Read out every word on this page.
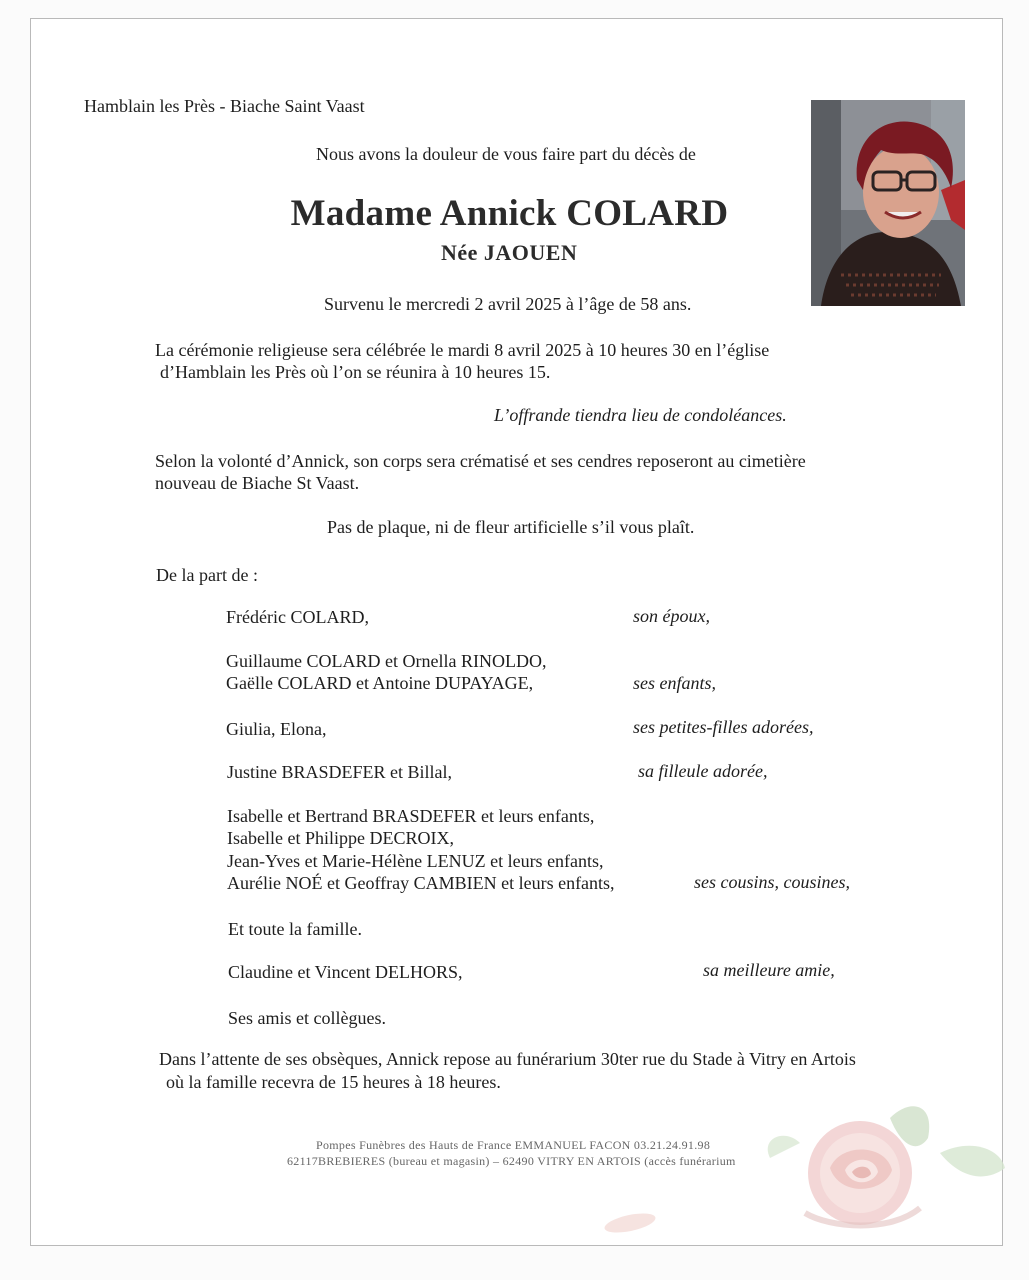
Hamblain les Près - Biache Saint Vaast
Nous avons la douleur de vous faire part du décès de
Madame Annick COLARD
Née JAOUEN
Survenu le mercredi 2 avril 2025 à l’âge de 58 ans.
La cérémonie religieuse sera célébrée le mardi 8 avril 2025 à 10 heures 30 en l’église
d’Hamblain les Près où l’on se réunira à 10 heures 15.
L’offrande tiendra lieu de condoléances.
Selon la volonté d’Annick, son corps sera crématisé et ses cendres reposeront au cimetière
nouveau de Biache St Vaast.
Pas de plaque, ni de fleur artificielle s’il vous plaît.
De la part de :
Frédéric COLARD,	son époux,
Guillaume COLARD et Ornella RINOLDO,
Gaëlle COLARD et Antoine DUPAYAGE,	ses enfants,
Giulia, Elona,	ses petites-filles adorées,
Justine BRASDEFER et Billal,	sa filleule adorée,
Isabelle et Bertrand BRASDEFER et leurs enfants,
Isabelle et Philippe DECROIX,
Jean-Yves et Marie-Hélène LENUZ et leurs enfants,
Aurélie NOÉ et Geoffray CAMBIEN et leurs enfants,	ses cousins, cousines,
Et toute la famille.
Claudine et Vincent DELHORS,	sa meilleure amie,
Ses amis et collègues.
Dans l’attente de ses obsèques, Annick repose au funérarium 30ter rue du Stade à Vitry en Artois
où la famille recevra de 15 heures à 18 heures.
Pompes Funèbres des Hauts de France EMMANUEL FACON 03.21.24.91.98
62117BREBIERES (bureau et magasin) – 62490 VITRY EN ARTOIS (accès funérarium
